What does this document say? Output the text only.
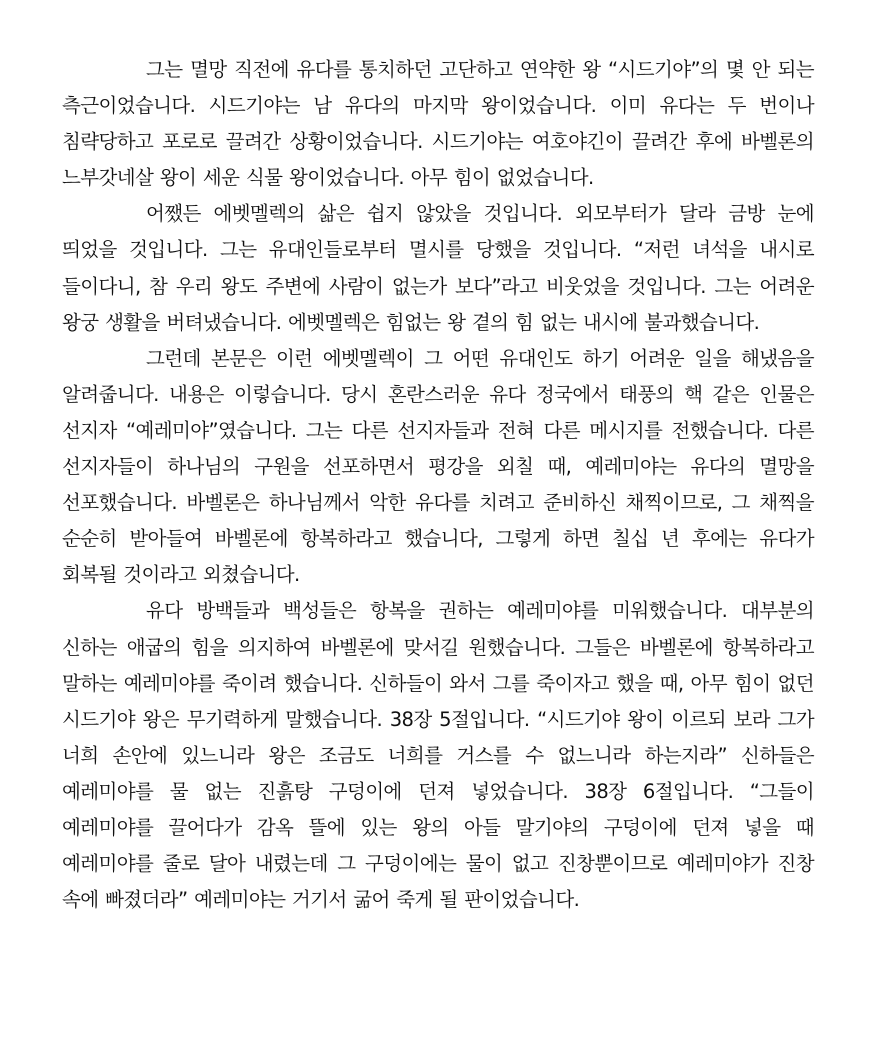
그는 멸망 직전에 유다를 통치하던 고단하고 연약한 왕 “시드기야”의 몇 안 되는 측근이었습니다. 시드기야는 남 유다의 마지막 왕이었습니다. 이미 유다는 두 번이나 침략당하고 포로로 끌려간 상황이었습니다. 시드기야는 여호야긴이 끌려간 후에 바벨론의 느부갓네살 왕이 세운 식물 왕이었습니다. 아무 힘이 없었습니다.

어쨌든 에벳멜렉의 삶은 쉽지 않았을 것입니다. 외모부터가 달라 금방 눈에 띄었을 것입니다. 그는 유대인들로부터 멸시를 당했을 것입니다. “저런 녀석을 내시로 들이다니, 참 우리 왕도 주변에 사람이 없는가 보다”라고 비웃었을 것입니다. 그는 어려운 왕궁 생활을 버텨냈습니다. 에벳멜렉은 힘없는 왕 곁의 힘 없는 내시에 불과했습니다.

그런데 본문은 이런 에벳멜렉이 그 어떤 유대인도 하기 어려운 일을 해냈음을 알려줍니다. 내용은 이렇습니다. 당시 혼란스러운 유다 정국에서 태풍의 핵 같은 인물은 선지자 “예레미야”였습니다. 그는 다른 선지자들과 전혀 다른 메시지를 전했습니다. 다른 선지자들이 하나님의 구원을 선포하면서 평강을 외칠 때, 예레미야는 유다의 멸망을 선포했습니다. 바벨론은 하나님께서 악한 유다를 치려고 준비하신 채찍이므로, 그 채찍을 순순히 받아들여 바벨론에 항복하라고 했습니다, 그렇게 하면 칠십 년 후에는 유다가 회복될 것이라고 외쳤습니다.

유다 방백들과 백성들은 항복을 권하는 예레미야를 미워했습니다. 대부분의 신하는 애굽의 힘을 의지하여 바벨론에 맞서길 원했습니다. 그들은 바벨론에 항복하라고 말하는 예레미야를 죽이려 했습니다. 신하들이 와서 그를 죽이자고 했을 때, 아무 힘이 없던 시드기야 왕은 무기력하게 말했습니다. 38장 5절입니다. “시드기야 왕이 이르되 보라 그가 너희 손안에 있느니라 왕은 조금도 너희를 거스를 수 없느니라 하는지라” 신하들은 예레미야를 물 없는 진흙탕 구덩이에 던져 넣었습니다. 38장 6절입니다. “그들이 예레미야를 끌어다가 감옥 뜰에 있는 왕의 아들 말기야의 구덩이에 던져 넣을 때 예레미야를 줄로 달아 내렸는데 그 구덩이에는 물이 없고 진창뿐이므로 예레미야가 진창 속에 빠졌더라” 예레미야는 거기서 굶어 죽게 될 판이었습니다.
